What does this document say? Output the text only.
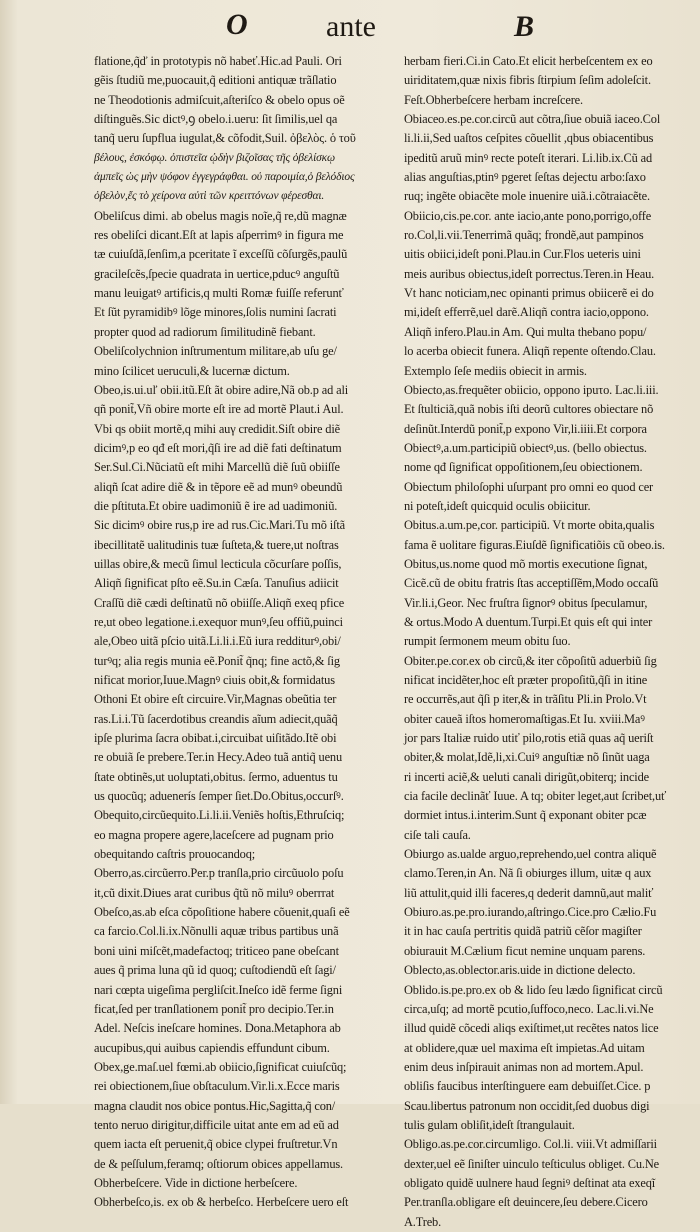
O	ante	B

flatione,q̃ď in prototypis nõ habeť.Hic.ad Pauli. Ori

gẽis ſtudiũ me,puocauit,q̃ editioni antiquæ trãſlatio

ne Theodotionis admiſcuit,aſteriſco & obelo opus oẽ

diſtinguẽs.Sic dictꝰ,ꝯ obelo.i.ueru: ſit ſimilis,uel qa

tanq̃ ueru ſupflua iugulat,& cõfodit,Suil. ὀβελὸς. ὁ τοῦ

βέλους, ἐσκόφῳ. ὀπιστεῖα ᾠδὴν βιζοῖσας τῆς ὀβελίσκῳ

ἀμπεῖς ὡς μὴν ψόφον ἐγγεγράφθαι. οὐ παροιμία,ὁ βελόδιος

ὀβελὸν,ἔς τὸ χείρονα αὐτὶ τῶν κρειττόνων φέρεσθαι.

Obeliſcus dimi. ab obelus magis noĩe,q̃ re,dũ magnæ

res obeliſci dicant.Eſt at lapis aſperrimꝰ in figura me

tæ cuiuſdã,ſenſim,a pceritate ĩ exceſſũ cõſurgẽs,paulũ

gracileſcẽs,ſpecie quadrata in uertice,pducꝰ anguſtũ

manu leuigatꝰ artificis,q multi Romæ fuiſſe referunť

Et ſũt pyramidibꝰ lõge minores,ſolis numini ſacrati

propter quod ad radiorum ſimilitudinẽ fiebant.

Obeliſcolychnion inſtrumentum militare,ab uſu ge/

mino ſcilicet ueruculi,& lucernæ dictum.

Obeo,is.ui.uľ obii.itũ.Eſt ãt obire adire,Nã ob.p ad ali

qñ ponit̃,Vñ obire morte eſt ire ad mortẽ Plaut.i Aul.

Vbi qs obiit mortẽ,q mihi auγ credidit.Siſt obire diẽ

dicimꝰ,p eo qđ eſt mori,q̃ſi ire ad diẽ fati deſtinatum

Ser.Sul.Ci.Nũciatũ eſt mihi Marcellũ diẽ ſuũ obiiſſe

aliqñ ſcat adire diẽ & in tẽpore eẽ ad munꝰ obeundũ

die pſtituta.Et obire uadimoniũ ẽ ire ad uadimoniũ.

Sic dicimꝰ obire rus,p ire ad rus.Cic.Mari.Tu mõ iſtã

ibecillitatẽ ualitudinis tuæ ſuſteta,& tuere,ut noſtras

uillas obire,& mecũ ſimul lecticula cõcurſare poſſis,

Aliqñ ſignificat pſto eẽ.Su.in Cæſa. Tanuſius adiicit

Craſſũ diẽ cædi deſtinatũ nõ obiiſſe.Aliqñ exeq pfice

re,ut obeo legatione.i.exequor munꝰ,ſeu offiũ,puinci

ale,Obeo uitã pſcio uitã.Li.li.i.Eũ iura redditurꝰ,obi/

turꝰq; alia regis munia eẽ.Ponit̃ q̃nq; fine actõ,& ſig

nificat morior,Iuue.Magnꝰ ciuis obit,& formidatus

Othoni Et obire eſt circuire.Vir,Magnas obeũtia ter

ras.Li.i.Tũ ſacerdotibus creandis aĩum adiecit,quãq̃

ipſe plurima ſacra obibat.i,circuibat uiſitãdo.Itẽ obi

re obuiã ſe prebere.Ter.in Hecy.Adeo tuã antiq̃ uenu

ſtate obtinẽs,ut uoluptati,obitus. ſermo, aduentus tu

us quocũq; aduenerís ſemper ſiet.Do.Obitus,occurſꝰ.

Obequito,circũequito.Li.li.ii.Veniẽs hoſtis,Ethruſciq;

eo magna propere agere,laceſcere ad pugnam prio

obequitando caſtris prouocandoq;

Oberro,as.circũerro.Per.p tranſla,prio circũuolo poſu

it,cũ dixit.Diues arat curibus q̃tũ nõ miluꝰ oberrrat

Obeſco,as.ab eſca cõpoſitione habere cõuenit,quaſi eẽ

ca farcio.Col.li.ix.Nõnulli aquæ tribus partibus unã

boni uini miſcẽt,madefactoq; triticeo pane obeſcant

aues q̃ prima luna qũ id quoq; cuſtodiendũ eſt ſagi/

nari cœpta uigeſima pergliſcit.Ineſco idẽ ferme ſigni

ficat,ſed per tranſlationem ponit̃ pro decipio.Ter.in

Adel. Neſcis ineſcare homines. Dona.Metaphora ab

aucupibus,qui auibus capiendis effundunt cibum.

Obex,ge.maſ.uel fœmi.ab obiicio,ſignificat cuiuſcũq;

rei obiectionem,ſiue obſtaculum.Vir.li.x.Ecce maris

magna claudit nos obice pontus.Hic,Sagitta,q̃ con/

tento neruo dirigitur,difficile uitat ante em ad eũ ad

quem iacta eſt peruenit,q̃ obice clypei fruſtretur.Vn

de & peſſulum,feramq; oſtiorum obices appellamus.

Obherbeſcere. Vide in dictione herbeſcere.

Obherbeſco,is. ex ob & herbeſco. Herbeſcere uero eſt

herbam fieri.Ci.in Cato.Et elicit herbeſcentem ex eo

uiriditatem,quæ nixis fibris ſtirpium ſeſim adoleſcit.

Feſt.Obherbeſcere herbam increſcere.

Obiaceo.es.pe.cor.circũ aut cõtra,ſiue obuiã iaceo.Col

li.li.ii,Sed uaſtos ceſpites cõuellit ,qbus obiacentibus

ipeditũ aruũ minꝰ recte poteſt iterari. Li.lib.ix.Cũ ad

alias anguſtias,ptinꝰ pgeret ſeſtas dejectu arbo:ſaxo

ruq; ingẽte obiacẽte mole inuenire uiã.i.cõtraiacẽte.

Obiicio,cis.pe.cor. ante iacio,ante pono,porrigo,offe

ro.Col,li.vii.Tenerrimã quãq; frondẽ,aut pampinos

uitis obiici,ideſt poni.Plau.in Cur.Flos ueteris uini

meis auribus obiectus,ideſt porrectus.Teren.in Heau.

Vt hanc noticiam,nec opinanti primus obiicerẽ ei do

mi,ideſt efferrẽ,uel darẽ.Aliqñ contra iacio,oppono.

Aliqñ infero.Plau.in Am. Qui multa thebano popu/

lo acerba obiecit funera. Aliqñ repente oſtendo.Clau.

Extemplo ſeſe mediis obiecit in armis.

Obiecto,as.frequẽter obiicio, oppono ipuτo. Lac.li.iii.

Et ſtulticiã,quã nobis iſti deorũ cultores obiectare nõ

deſinũt.Interdũ ponit̃,p expono Vir,li.iiii.Et corpora

Obiectꝰ,a.um.participiũ obiectꝰ,us. (bello obiectus.

nome qđ ſignificat oppoſitionem,ſeu obiectionem.

Obiectum philoſophi uſurpant pro omni eo quod cer

ni poteſt,ideſt quicquid oculis obiicitur.

Obitus.a.um.pe,cor. participiũ. Vt morte obita,qualis

fama ẽ uolitare figuras.Eiuſdẽ ſignificatiõis cũ obeo.is.

Obitus,us.nome quod mõ mortis executione ſignat,

Cicẽ.cũ de obitu fratris ſtas acceptiſſẽm,Modo occaſũ

Vir.li.i,Geor. Nec fruſtra ſignorꝰ obitus ſpeculamur,

& ortus.Modo A duentum.Turpi.Et quis eſt qui inter

rumpit ſermonem meum obitu ſuo.

Obiter.pe.cor.ex ob circũ,& iter cõpoſitũ aduerbiũ ſig

nificat incidẽter,hoc eſt præter propoſitũ,q̃ſi in itine

re occurrẽs,aut q̃ſi p iter,& in trãſitu Pli.in Prolo.Vt

obiter caueã iſtos homeromaſtigas.Et Iu. xviii.Maꝰ

jor pars Italiæ ruido utiť pilo,rotis etiã quas aq̃ ueriſt

obiter,& molat,Idẽ,li,xi.Cuiꝰ anguſtiæ nõ ſinũt uaga

ri incerti aciẽ,& ueluti canali dirigũt,obiterq; incide

cia facile declinãť Iuue. A tq; obiter leget,aut ſcribet,uť

dormiet intus.i.interim.Sunt q̃ exponant obiter pcæ

ciſe tali cauſa.

Obiurgo as.ualde arguo,reprehendo,uel contra aliquẽ

clamo.Teren,in An. Nã ſi obiurges illum, uitæ q aux

liũ attulit,quid illi faceres,q dederit damnũ,aut maliť

Obiuro.as.pe.pro.iurando,aſtringo.Cice.pro Cælio.Fu

it in hac cauſa pertritis quidã patriũ cẽſor magiſter

obiurauit M.Cælium ficut nemine unquam parens.

Oblecto,as.oblector.aris.uide in dictione delecto.

Oblido.is.pe.pro.ex ob & lido ſeu lædo ſignificat circũ

circa,uſq; ad mortẽ pcutio,ſuffoco,neco. Lac.li.vi.Ne

illud quidẽ cõcedi aliqs exiſtimet,ut recẽtes natos lice

at oblidere,quæ uel maxima eſt impietas.Ad uitam

enim deus inſpirauit animas non ad mortem.Apul.

obliſis faucibus interſtinguere eam debuiſſet.Cice. p

Scau.libertus patronum non occidit,ſed duobus digi

tulis gulam obliſit,ideſt ſtrangulauit.

Obligo.as.pe.cor.circumligo. Col.li. viii.Vt admiſſarii

dexter,uel eẽ ſiniſter uinculo teſticulus obliget. Cu.Ne

obligato quidẽ uulnere haud ſegniꝰ deſtinat ata exeqĩ

Per.tranſla.obligare eſt deuincere,ſeu debere.Cicero

A.Treb.
